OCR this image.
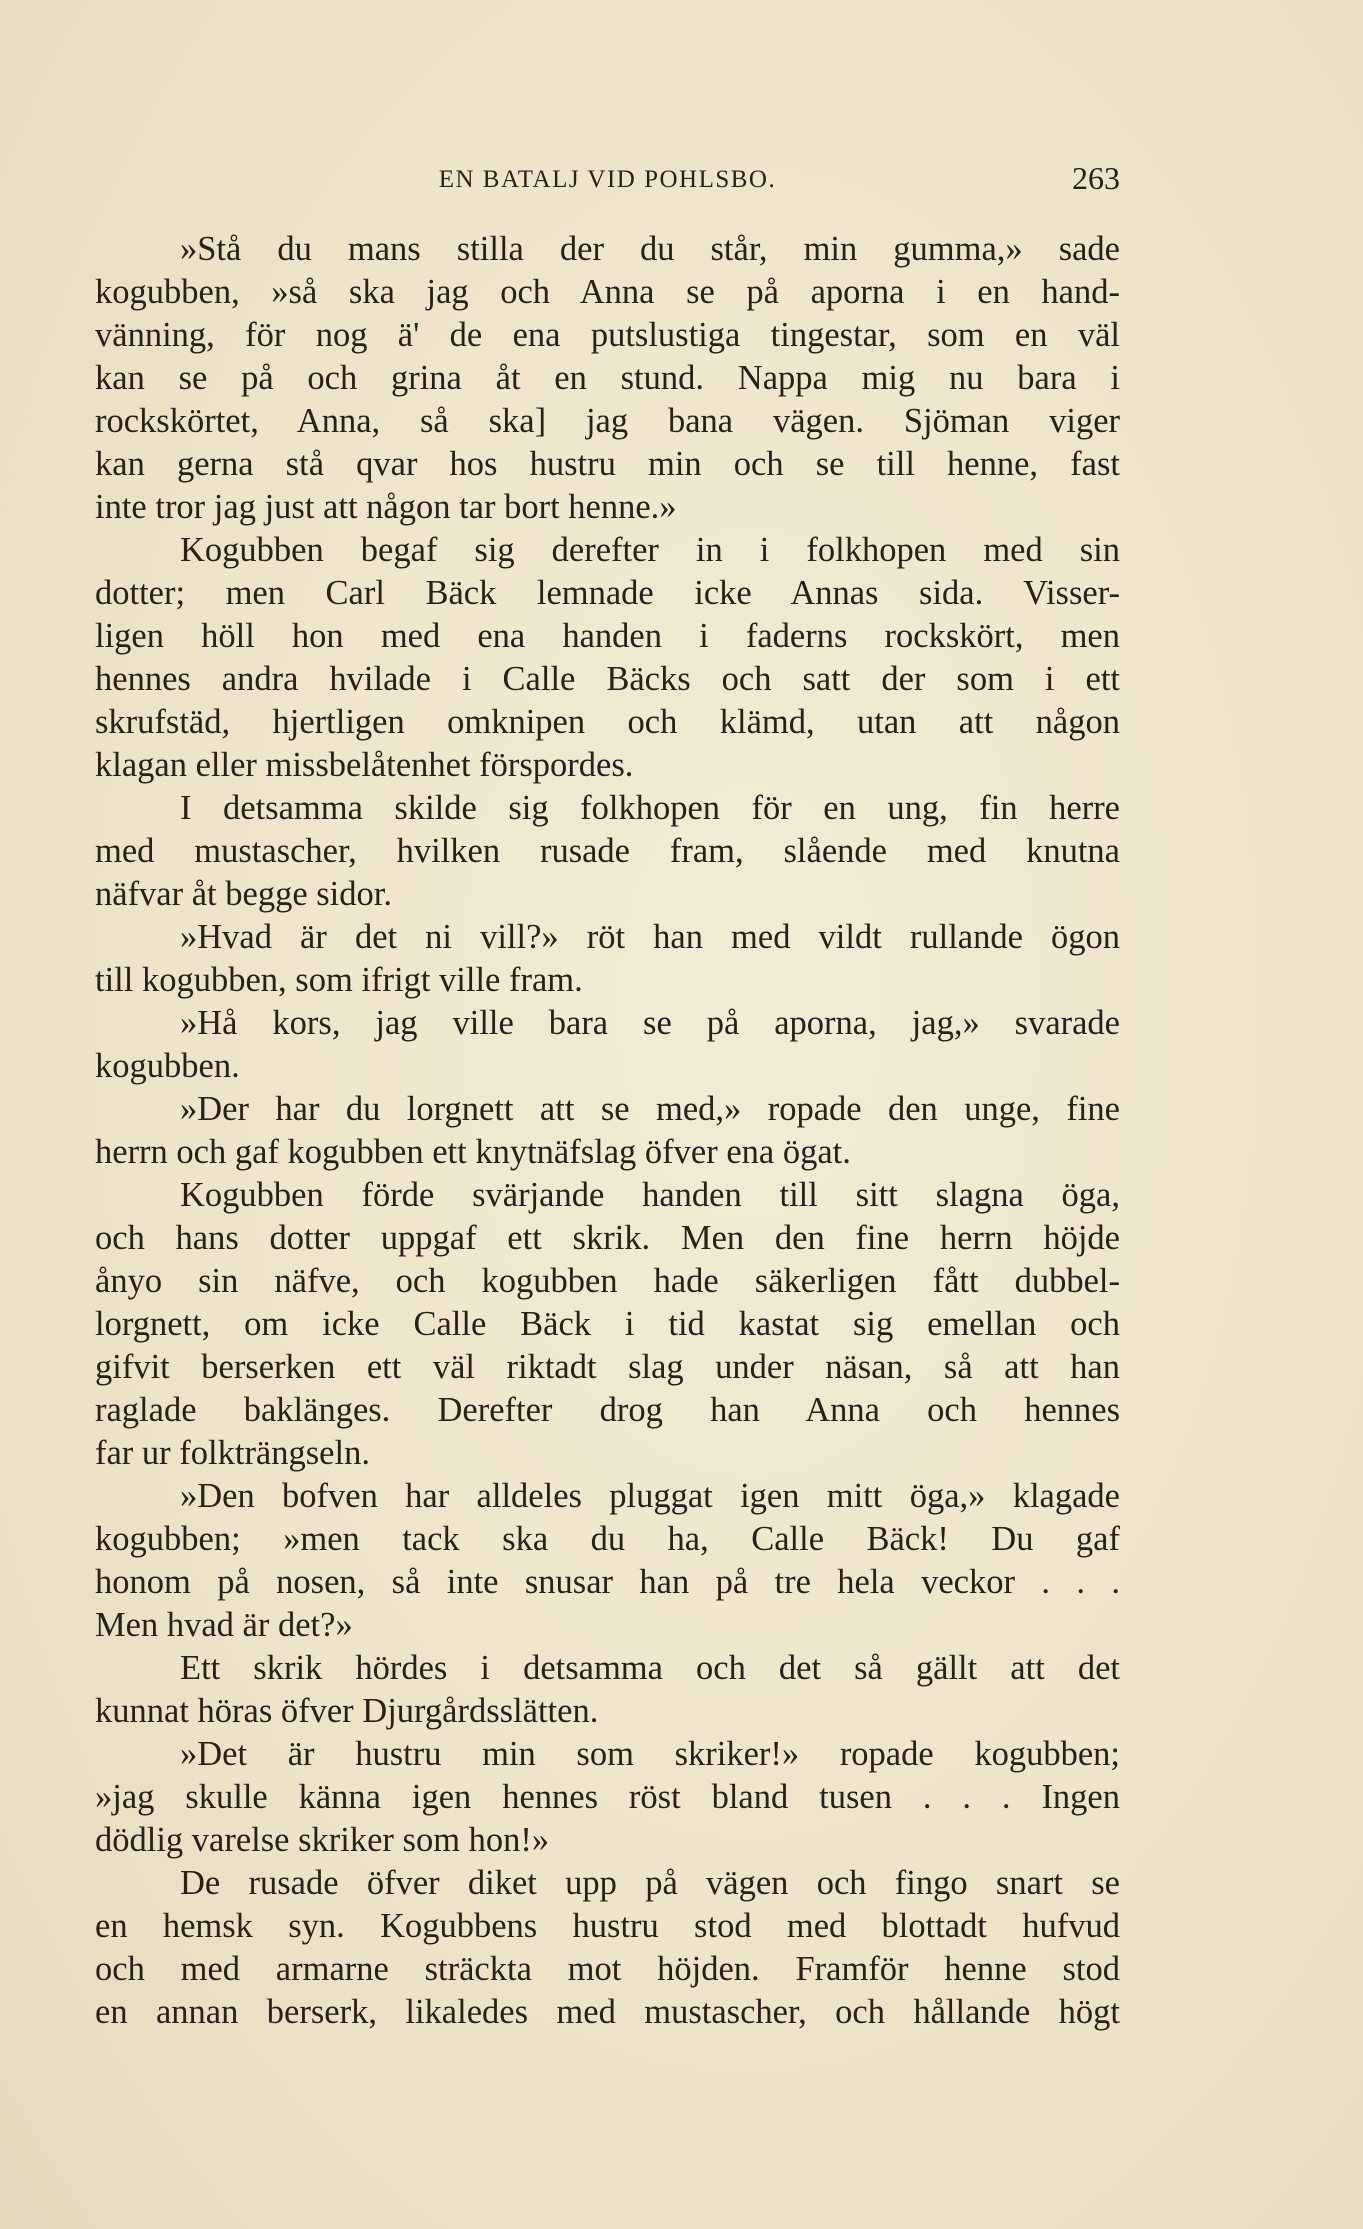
EN BATALJ VID POHLSBO.	263
»Stå du mans stilla der du står, min gumma,» sade
kogubben, »så ska jag och Anna se på aporna i en hand-
vänning, för nog ä' de ena putslustiga tingestar, som en väl
kan se på och grina åt en stund. Nappa mig nu bara i
rockskörtet, Anna, så ska] jag bana vägen. Sjöman viger
kan gerna stå qvar hos hustru min och se till henne, fast
inte tror jag just att någon tar bort henne.»
Kogubben begaf sig derefter in i folkhopen med sin
dotter; men Carl Bäck lemnade icke Annas sida. Visser-
ligen höll hon med ena handen i faderns rockskört, men
hennes andra hvilade i Calle Bäcks och satt der som i ett
skrufstäd, hjertligen omknipen och klämd, utan att någon
klagan eller missbelåtenhet förspordes.
I detsamma skilde sig folkhopen för en ung, fin herre
med mustascher, hvilken rusade fram, slående med knutna
näfvar åt begge sidor.
»Hvad är det ni vill?» röt han med vildt rullande ögon
till kogubben, som ifrigt ville fram.
»Hå kors, jag ville bara se på aporna, jag,» svarade
kogubben.
»Der har du lorgnett att se med,» ropade den unge, fine
herrn och gaf kogubben ett knytnäfslag öfver ena ögat.
Kogubben förde svärjande handen till sitt slagna öga,
och hans dotter uppgaf ett skrik. Men den fine herrn höjde
ånyo sin näfve, och kogubben hade säkerligen fått dubbel-
lorgnett, om icke Calle Bäck i tid kastat sig emellan och
gifvit berserken ett väl riktadt slag under näsan, så att han
raglade baklänges. Derefter drog han Anna och hennes
far ur folkträngseln.
»Den bofven har alldeles pluggat igen mitt öga,» klagade
kogubben; »men tack ska du ha, Calle Bäck! Du gaf
honom på nosen, så inte snusar han på tre hela veckor . . .
Men hvad är det?»
Ett skrik hördes i detsamma och det så gällt att det
kunnat höras öfver Djurgårdsslätten.
»Det är hustru min som skriker!» ropade kogubben;
»jag skulle känna igen hennes röst bland tusen . . . Ingen
dödlig varelse skriker som hon!»
De rusade öfver diket upp på vägen och fingo snart se
en hemsk syn. Kogubbens hustru stod med blottadt hufvud
och med armarne sträckta mot höjden. Framför henne stod
en annan berserk, likaledes med mustascher, och hållande högt
